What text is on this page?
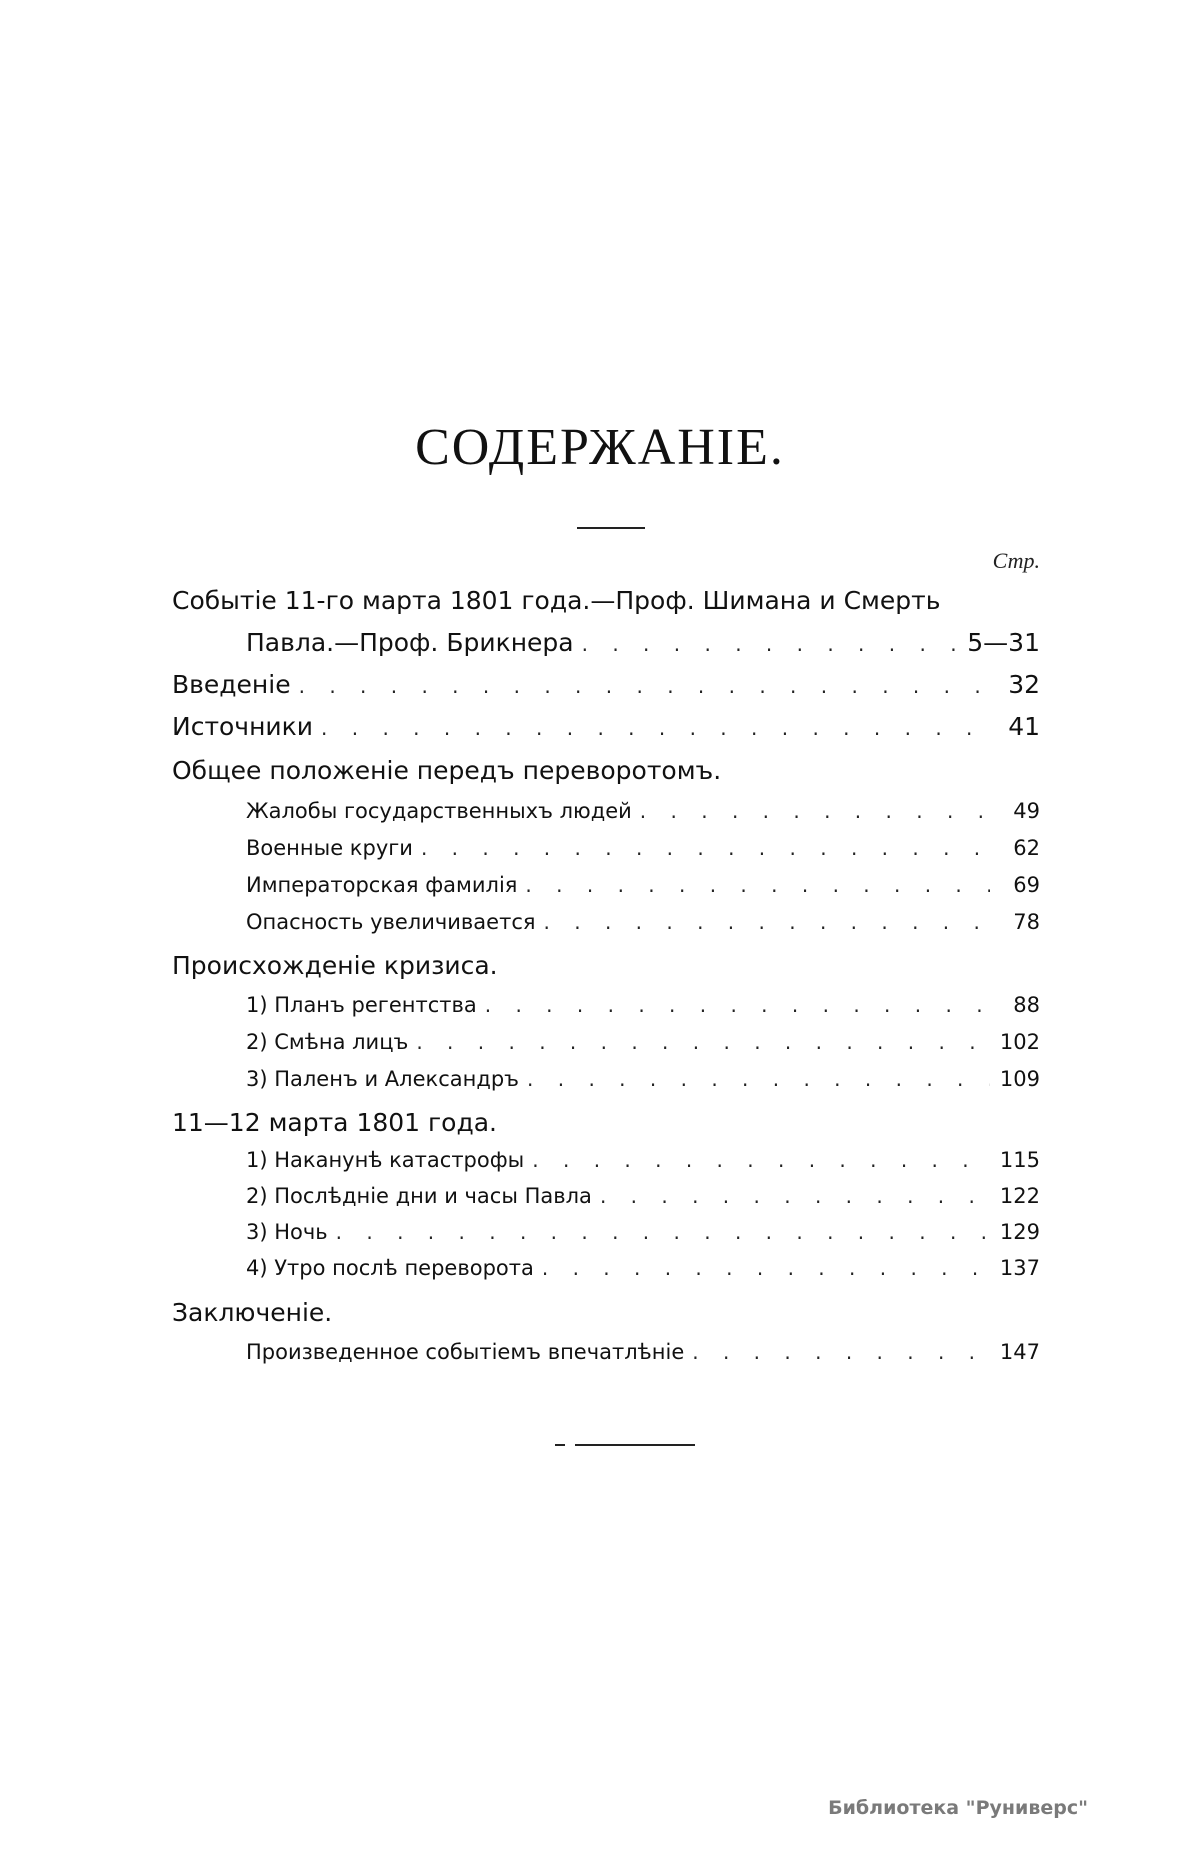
СОДЕРЖАНІЕ.
Стр.
Событіе 11-го марта 1801 года.—Проф. Шимана и Смерть
Павла.—Проф. Брикнера . . .	5—31
Введеніе . . .	32
Источники . . .	41
Общее положеніе передъ переворотомъ.
Жалобы государственныхъ людей . . .	49
Военные круги . . .	62
Императорская фамилія . . .	69
Опасность увеличивается . . .	78
Происхожденіе кризиса.
1) Планъ регентства . . .	88
2) Смѣна лицъ . . .	102
3) Паленъ и Александръ . . .	109
11—12 марта 1801 года.
1) Наканунѣ катастрофы . . .	115
2) Послѣдніе дни и часы Павла . . .	122
3) Ночь . . .	129
4) Утро послѣ переворота . . .	137
Заключеніе.
Произведенное событіемъ впечатлѣніе . . .	147
Библиотека "Руниверс"
